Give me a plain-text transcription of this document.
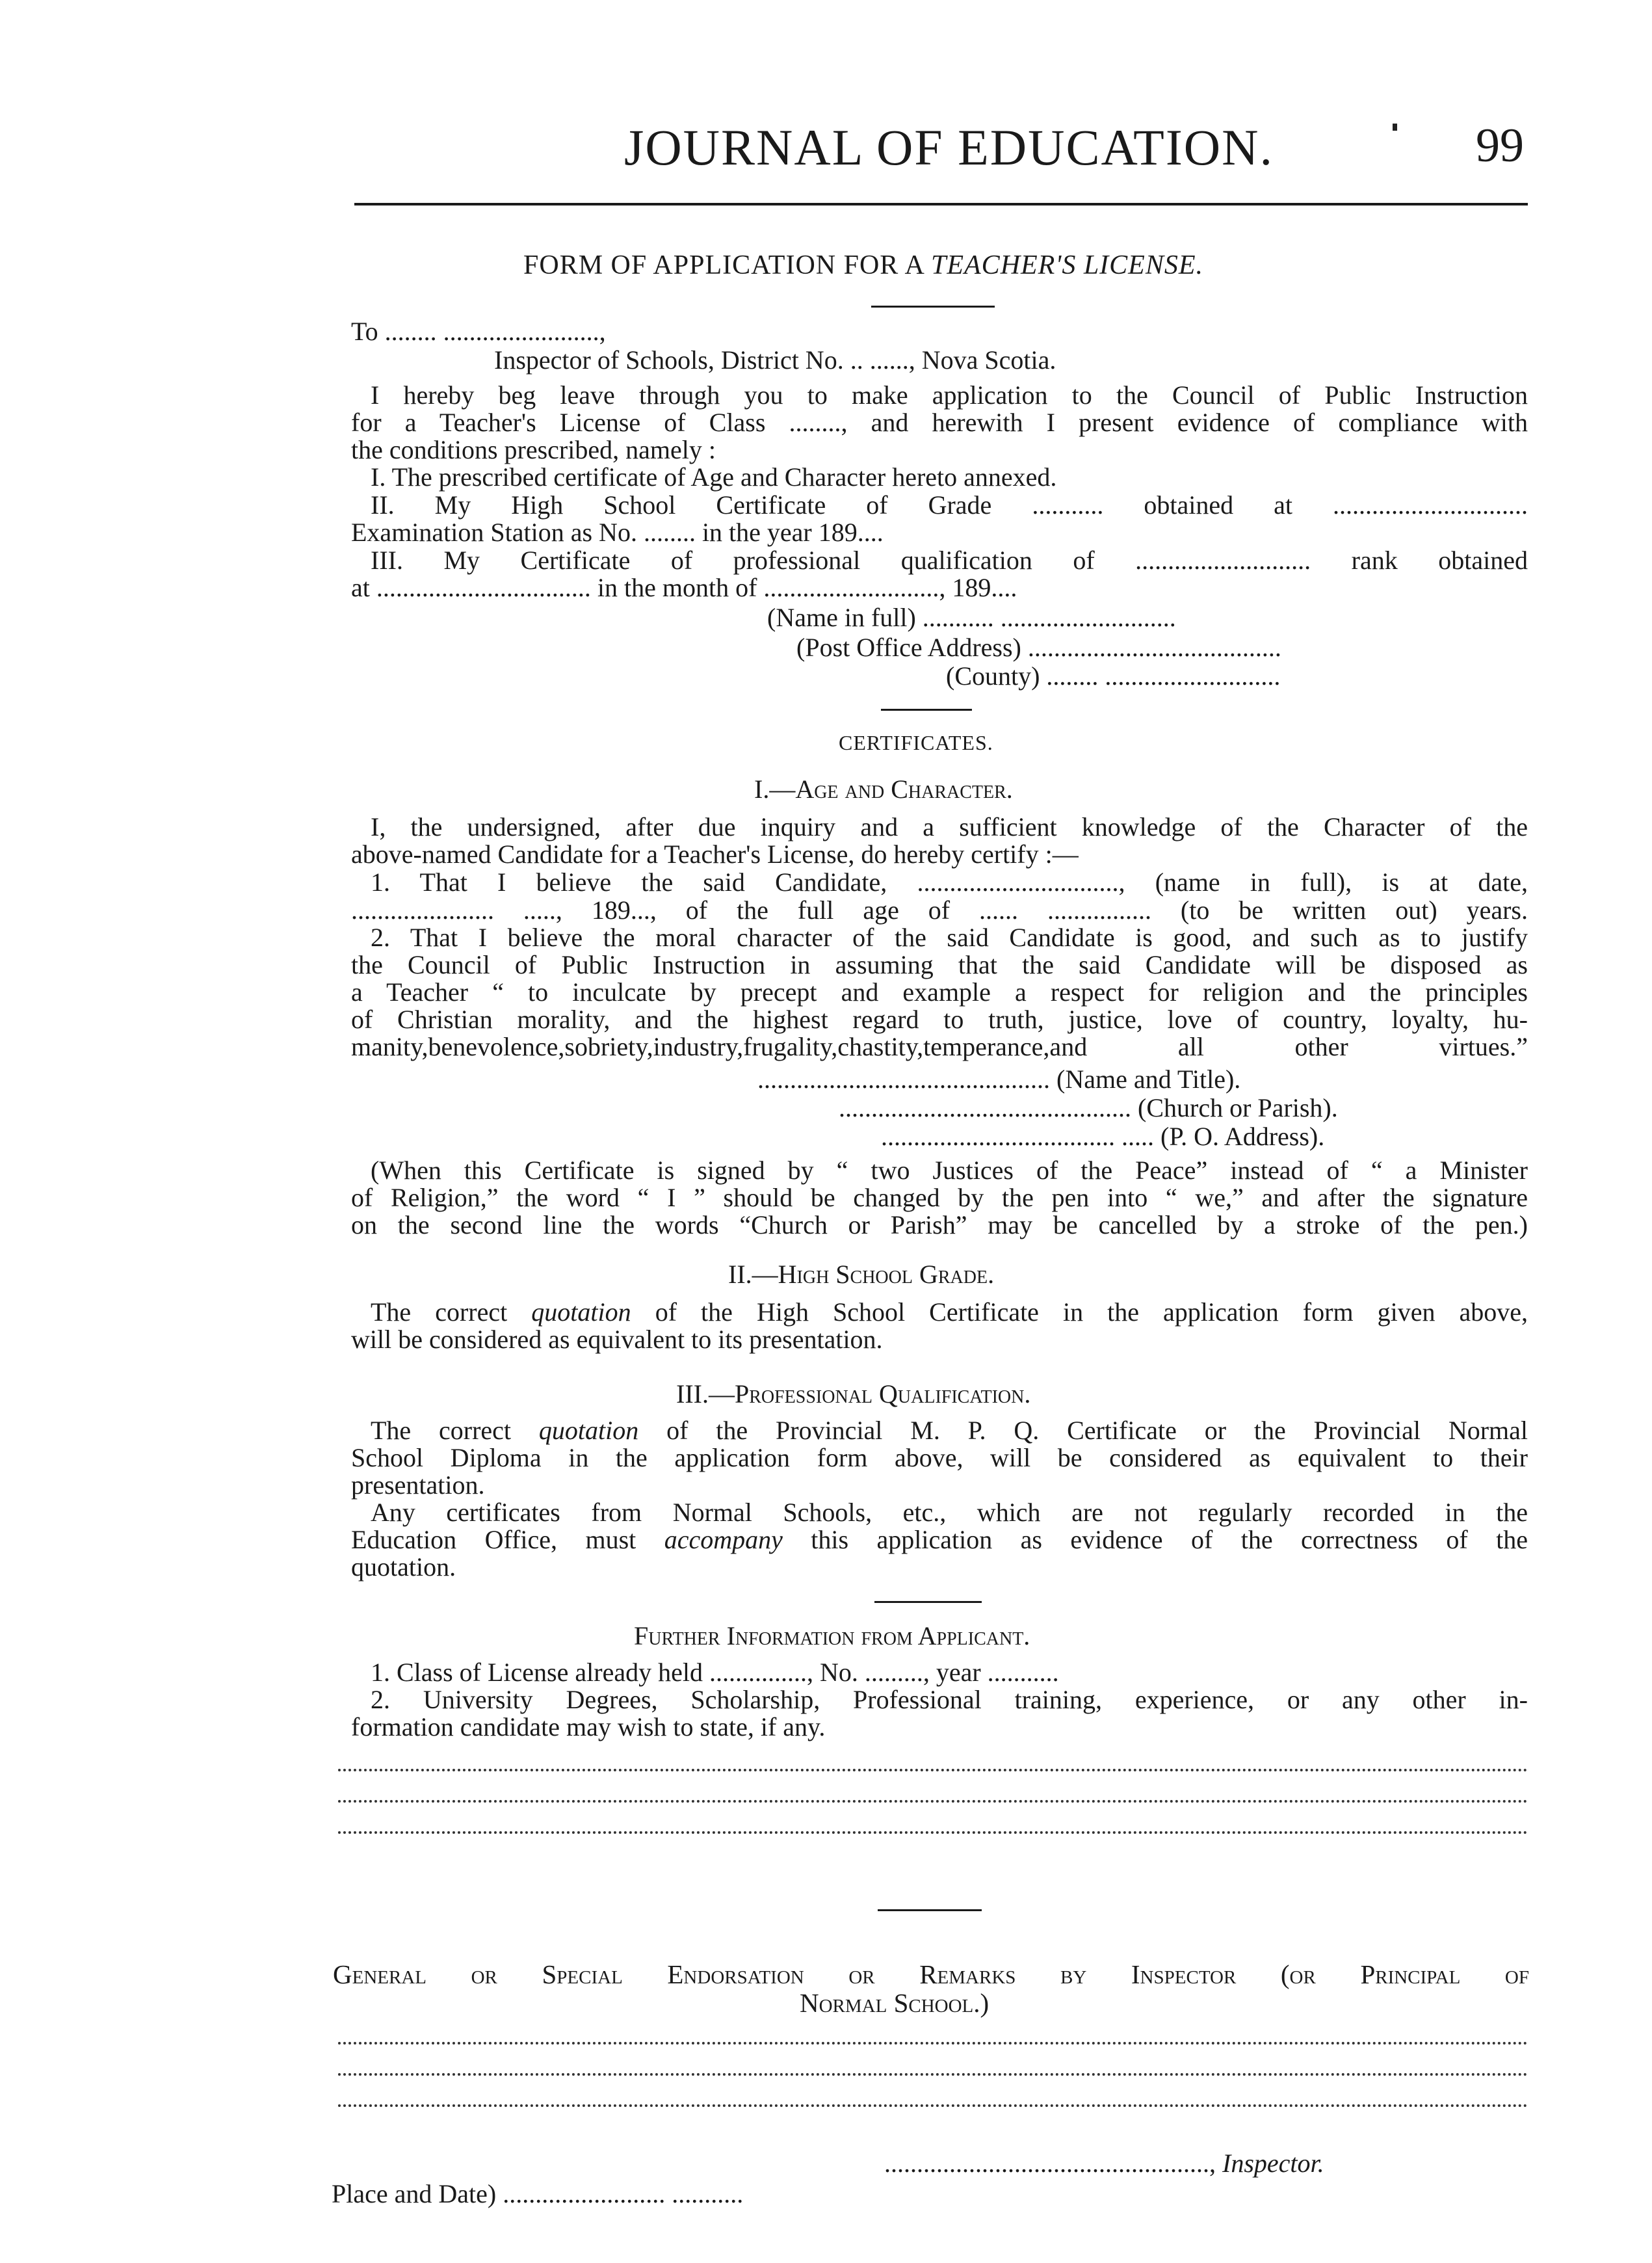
JOURNAL OF EDUCATION.	99
FORM OF APPLICATION FOR A TEACHER'S LICENSE.
To ........ ........................,
Inspector of Schools, District No. .. ......, Nova Scotia.
I hereby beg leave through you to make application to the Council of Public Instruction
for a Teacher's License of Class ........, and herewith I present evidence of compliance with
the conditions prescribed, namely :
I. The prescribed certificate of Age and Character hereto annexed.
II. My High School Certificate of Grade ........... obtained at ..............................
Examination Station as No. ........ in the year 189....
III. My Certificate of professional qualification of ........................... rank obtained
at ................................. in the month of ..........................., 189....
(Name in full) ........... ...........................
(Post Office Address) .......................................
(County) ........ ...........................
CERTIFICATES.
I.—Age and Character.
I, the undersigned, after due inquiry and a sufficient knowledge of the Character of the
above-named Candidate for a Teacher's License, do hereby certify :—
1. That I believe the said Candidate, ..............................., (name in full), is at date,
...................... ....., 189..., of the full age of ...... ................ (to be written out) years.
2. That I believe the moral character of the said Candidate is good, and such as to justify
the Council of Public Instruction in assuming that the said Candidate will be disposed as
a Teacher “ to inculcate by precept and example a respect for religion and the principles
of Christian morality, and the highest regard to truth, justice, love of country, loyalty, hu-
manity,benevolence,sobriety,industry,frugality,chastity,temperance,and all other virtues.”
............................................. (Name and Title).
............................................. (Church or Parish).
.................................... ..... (P. O. Address).
(When this Certificate is signed by “ two Justices of the Peace” instead of “ a Minister
of Religion,” the word “ I ” should be changed by the pen into “ we,” and after the signature
on the second line the words “Church or Parish” may be cancelled by a stroke of the pen.)
II.—High School Grade.
The correct quotation of the High School Certificate in the application form given above,
will be considered as equivalent to its presentation.
III.—Professional Qualification.
The correct quotation of the Provincial M. P. Q. Certificate or the Provincial Normal
School Diploma in the application form above, will be considered as equivalent to their
presentation.
Any certificates from Normal Schools, etc., which are not regularly recorded in the
Education Office, must accompany this application as evidence of the correctness of the
quotation.
Further Information from Applicant.
1. Class of License already held ..............., No. ........., year ...........
2. University Degrees, Scholarship, Professional training, experience, or any other in-
formation candidate may wish to state, if any.
General or Special Endorsation or Remarks by Inspector (or Principal of
Normal School.)
.................................................., Inspector.
Place and Date) ......................... ...........
